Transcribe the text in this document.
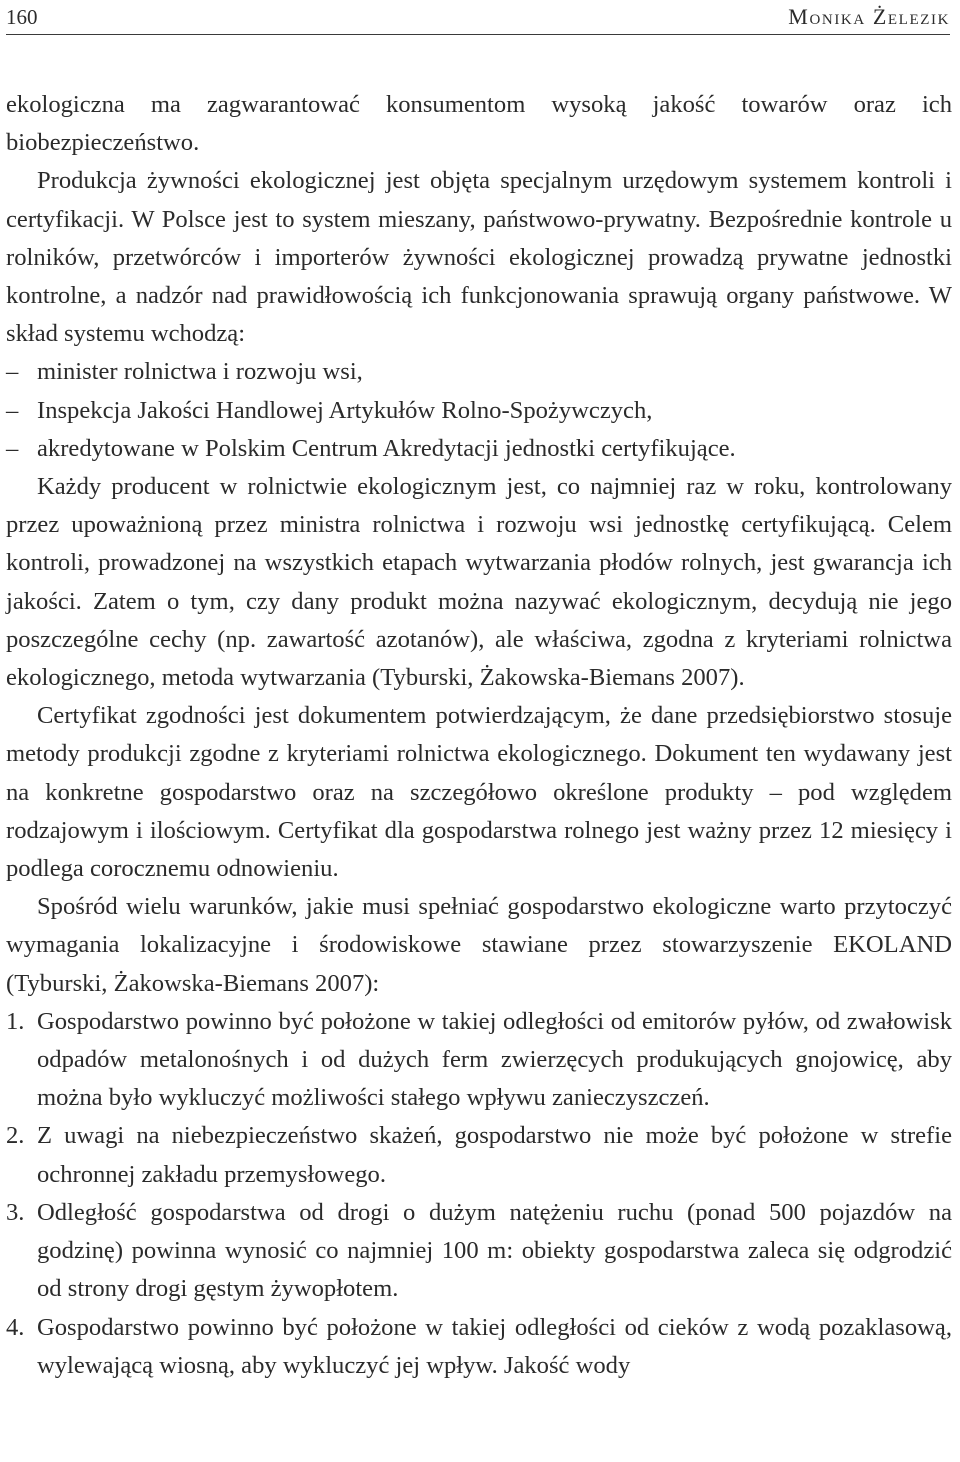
160	Monika Żelezik

ekologiczna ma zagwarantować konsumentom wysoką jakość towarów oraz ich biobezpieczeństwo.

Produkcja żywności ekologicznej jest objęta specjalnym urzędowym systemem kontroli i certyfikacji. W Polsce jest to system mieszany, państwowo-prywatny. Bezpośrednie kontrole u rolników, przetwórców i importerów żywności ekologicznej prowadzą prywatne jednostki kontrolne, a nadzór nad prawidłowością ich funkcjonowania sprawują organy państwowe. W skład systemu wchodzą:

– minister rolnictwa i rozwoju wsi,
– Inspekcja Jakości Handlowej Artykułów Rolno-Spożywczych,
– akredytowane w Polskim Centrum Akredytacji jednostki certyfikujące.

Każdy producent w rolnictwie ekologicznym jest, co najmniej raz w roku, kontrolowany przez upoważnioną przez ministra rolnictwa i rozwoju wsi jednostkę certyfikującą. Celem kontroli, prowadzonej na wszystkich etapach wytwarzania płodów rolnych, jest gwarancja ich jakości. Zatem o tym, czy dany produkt można nazywać ekologicznym, decydują nie jego poszczególne cechy (np. zawartość azotanów), ale właściwa, zgodna z kryteriami rolnictwa ekologicznego, metoda wytwarzania (Tyburski, Żakowska-Biemans 2007).

Certyfikat zgodności jest dokumentem potwierdzającym, że dane przedsiębiorstwo stosuje metody produkcji zgodne z kryteriami rolnictwa ekologicznego. Dokument ten wydawany jest na konkretne gospodarstwo oraz na szczegółowo określone produkty – pod względem rodzajowym i ilościowym. Certyfikat dla gospodarstwa rolnego jest ważny przez 12 miesięcy i podlega corocznemu odnowieniu.

Spośród wielu warunków, jakie musi spełniać gospodarstwo ekologiczne warto przytoczyć wymagania lokalizacyjne i środowiskowe stawiane przez stowarzyszenie EKOLAND (Tyburski, Żakowska-Biemans 2007):

1. Gospodarstwo powinno być położone w takiej odległości od emitorów pyłów, od zwałowisk odpadów metalonośnych i od dużych ferm zwierzęcych produkujących gnojowicę, aby można było wykluczyć możliwości stałego wpływu zanieczyszczeń.
2. Z uwagi na niebezpieczeństwo skażeń, gospodarstwo nie może być położone w strefie ochronnej zakładu przemysłowego.
3. Odległość gospodarstwa od drogi o dużym natężeniu ruchu (ponad 500 pojazdów na godzinę) powinna wynosić co najmniej 100 m: obiekty gospodarstwa zaleca się odgrodzić od strony drogi gęstym żywopłotem.
4. Gospodarstwo powinno być położone w takiej odległości od cieków z wodą pozaklasową, wylewającą wiosną, aby wykluczyć jej wpływ. Jakość wody
